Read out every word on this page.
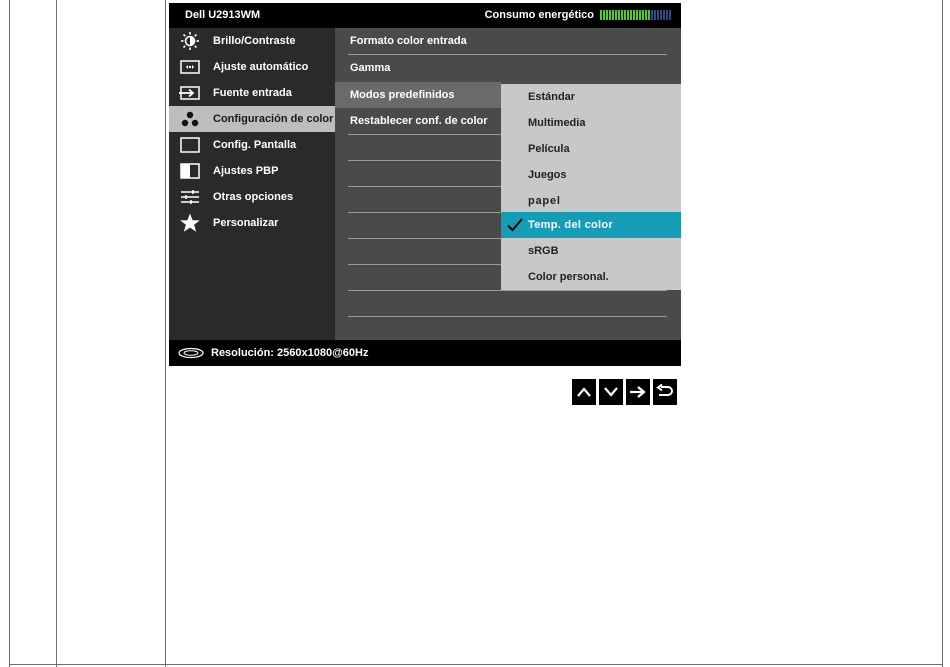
Dell U2913WM	Consumo energético
Brillo/Contraste
Ajuste automático
Fuente entrada
Configuración de color
Config. Pantalla
Ajustes PBP
Otras opciones
Personalizar
Formato color entrada
Gamma
Modos predefinidos
Restablecer conf. de color
Estándar
Multimedia
Película
Juegos
papel
Temp. del color
sRGB
Color personal.
Resolución: 2560x1080@60Hz
